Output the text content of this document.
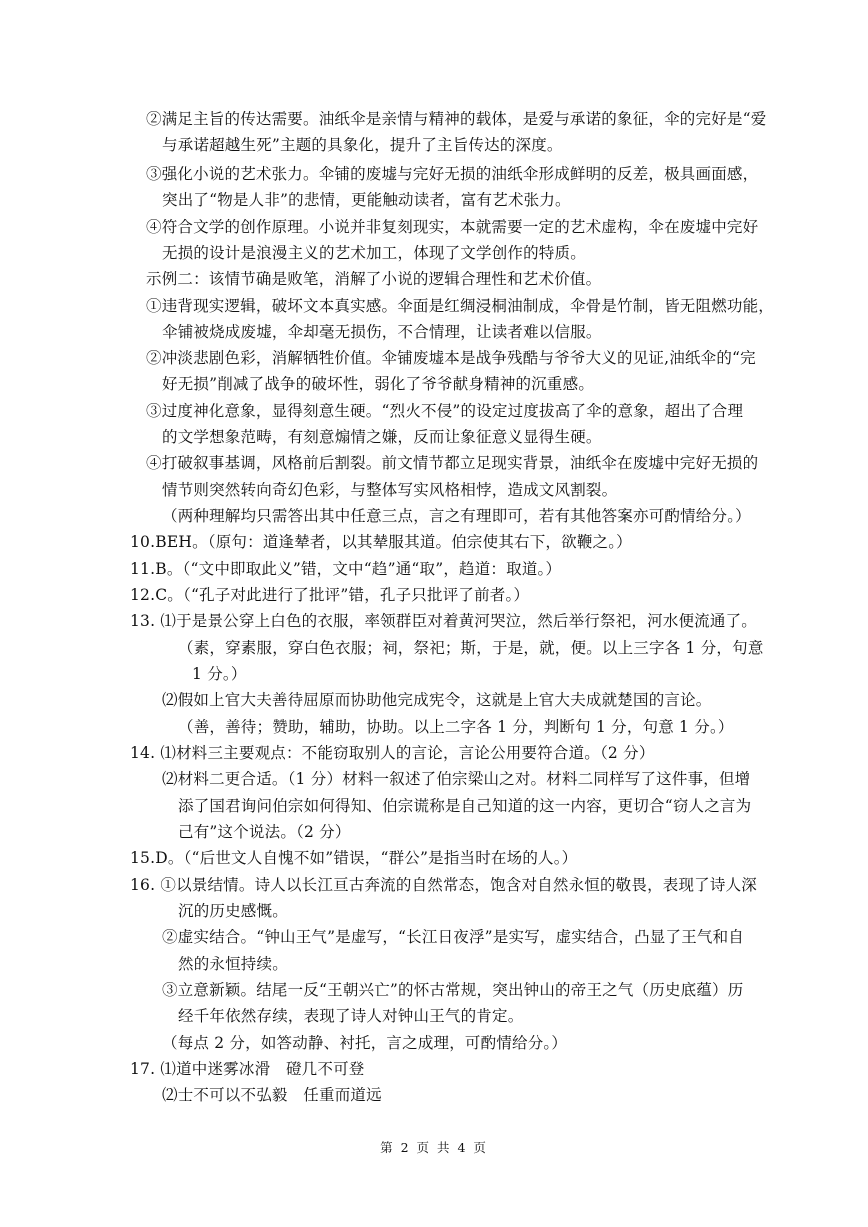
②满足主旨的传达需要。油纸伞是亲情与精神的载体，是爱与承诺的象征，伞的完好是“爱
与承诺超越生死”主题的具象化，提升了主旨传达的深度。
③强化小说的艺术张力。伞铺的废墟与完好无损的油纸伞形成鲜明的反差，极具画面感，
突出了“物是人非”的悲情，更能触动读者，富有艺术张力。
④符合文学的创作原理。小说并非复刻现实，本就需要一定的艺术虚构，伞在废墟中完好
无损的设计是浪漫主义的艺术加工，体现了文学创作的特质。
示例二：该情节确是败笔，消解了小说的逻辑合理性和艺术价值。
①违背现实逻辑，破坏文本真实感。伞面是红绸浸桐油制成，伞骨是竹制，皆无阻燃功能，
伞铺被烧成废墟，伞却毫无损伤，不合情理，让读者难以信服。
②冲淡悲剧色彩，消解牺牲价值。伞铺废墟本是战争残酷与爷爷大义的见证,油纸伞的“完
好无损”削减了战争的破坏性，弱化了爷爷献身精神的沉重感。
③过度神化意象，显得刻意生硬。“烈火不侵”的设定过度拔高了伞的意象，超出了合理
的文学想象范畴，有刻意煽情之嫌，反而让象征意义显得生硬。
④打破叙事基调，风格前后割裂。前文情节都立足现实背景，油纸伞在废墟中完好无损的
情节则突然转向奇幻色彩，与整体写实风格相悖，造成文风割裂。
（两种理解均只需答出其中任意三点，言之有理即可，若有其他答案亦可酌情给分。）
10.BEH。（原句：道逢辇者，以其辇服其道。伯宗使其右下，欲鞭之。）
11.B。（“文中即取此义”错，文中“趋”通“取”，趋道：取道。）
12.C。（“孔子对此进行了批评”错，孔子只批评了前者。）
13. ⑴于是景公穿上白色的衣服，率领群臣对着黄河哭泣，然后举行祭祀，河水便流通了。
（素，穿素服，穿白色衣服；祠，祭祀；斯，于是，就，便。以上三字各 1 分，句意
1 分。）
⑵假如上官大夫善待屈原而协助他完成宪令，这就是上官大夫成就楚国的言论。
（善，善待；赞助，辅助，协助。以上二字各 1 分，判断句 1 分，句意 1 分。）
14. ⑴材料三主要观点：不能窃取别人的言论，言论公用要符合道。（2 分）
⑵材料二更合适。（1 分）材料一叙述了伯宗梁山之对。材料二同样写了这件事，但增
添了国君询问伯宗如何得知、伯宗谎称是自己知道的这一内容，更切合“窃人之言为
己有”这个说法。（2 分）
15.D。（“后世文人自愧不如”错误，“群公”是指当时在场的人。）
16. ①以景结情。诗人以长江亘古奔流的自然常态，饱含对自然永恒的敬畏，表现了诗人深
沉的历史感慨。
②虚实结合。“钟山王气”是虚写，“长江日夜浮”是实写，虚实结合，凸显了王气和自
然的永恒持续。
③立意新颖。结尾一反“王朝兴亡”的怀古常规，突出钟山的帝王之气（历史底蕴）历
经千年依然存续，表现了诗人对钟山王气的肯定。
（每点 2 分，如答动静、衬托，言之成理，可酌情给分。）
17. ⑴道中迷雾冰滑　磴几不可登
⑵士不可以不弘毅　任重而道远
第 2 页 共 4 页
